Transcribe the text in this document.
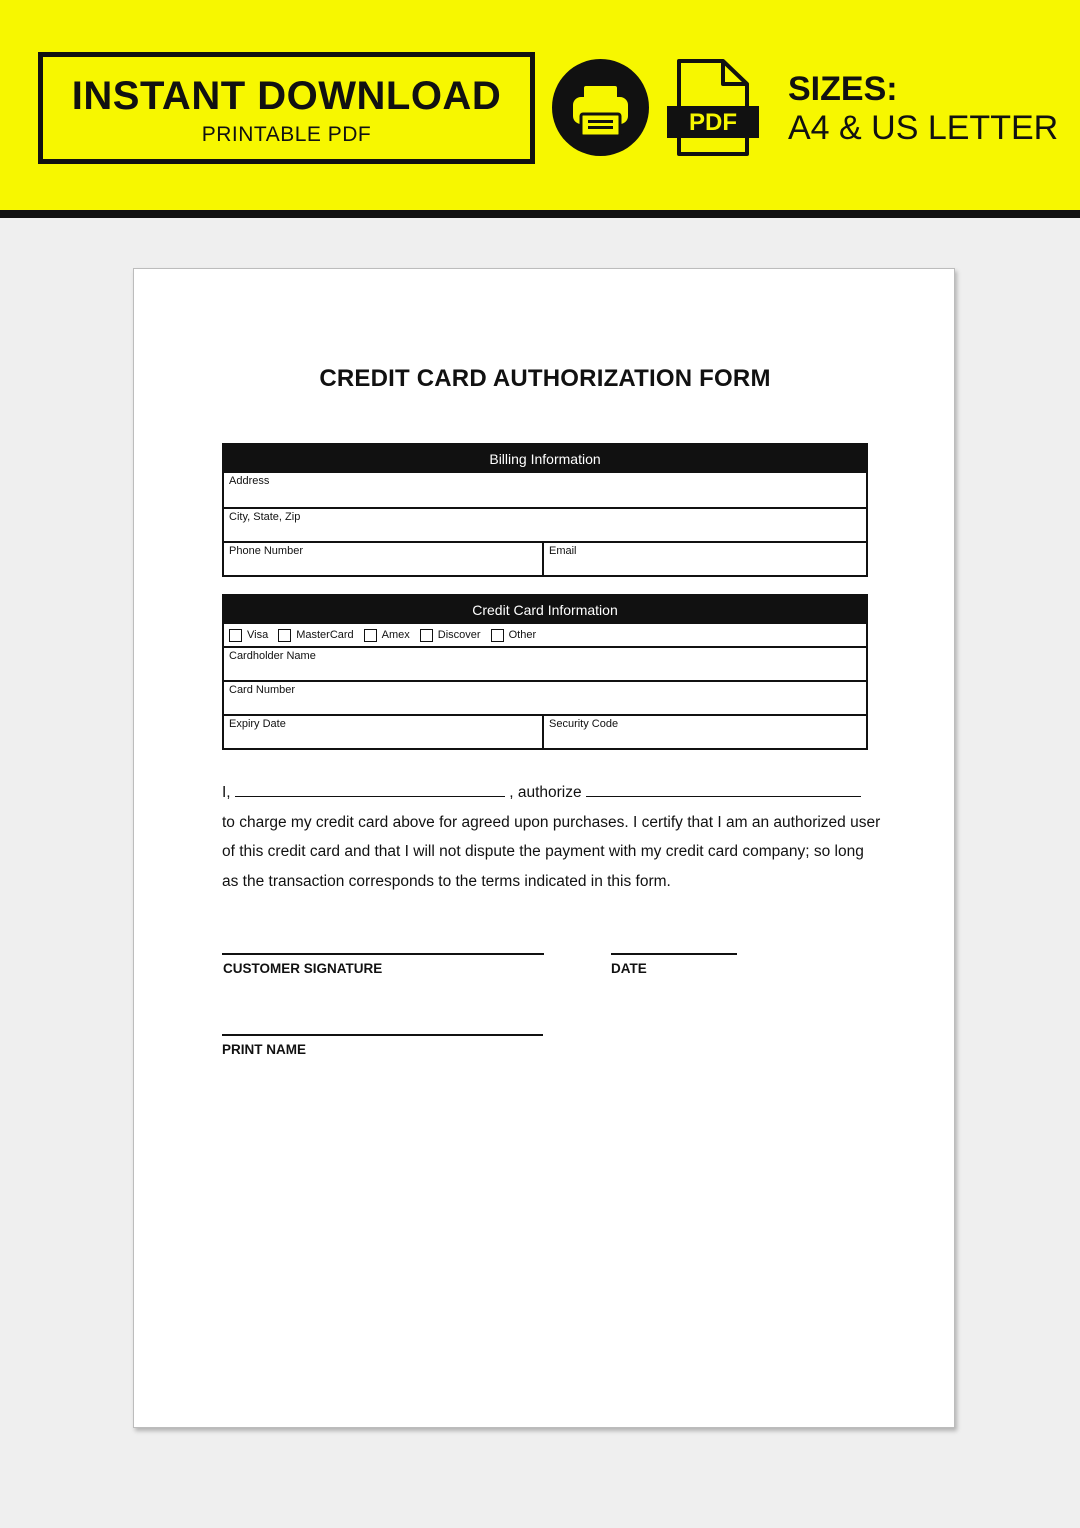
INSTANT DOWNLOAD
PRINTABLE PDF	PDF
SIZES:
A4 & US LETTER
CREDIT CARD AUTHORIZATION FORM
Billing Information
Address
City, State, Zip
Phone Number	Email
Credit Card Information
Visa	MasterCard	Amex	Discover	Other
Cardholder Name
Card Number
Expiry Date	Security Code
I,	, authorize
to charge my credit card above for agreed upon purchases. I certify that I am an authorized user of this credit card and that I will not dispute the payment with my credit card company; so long as the transaction corresponds to the terms indicated in this form.
CUSTOMER SIGNATURE	DATE
PRINT NAME
